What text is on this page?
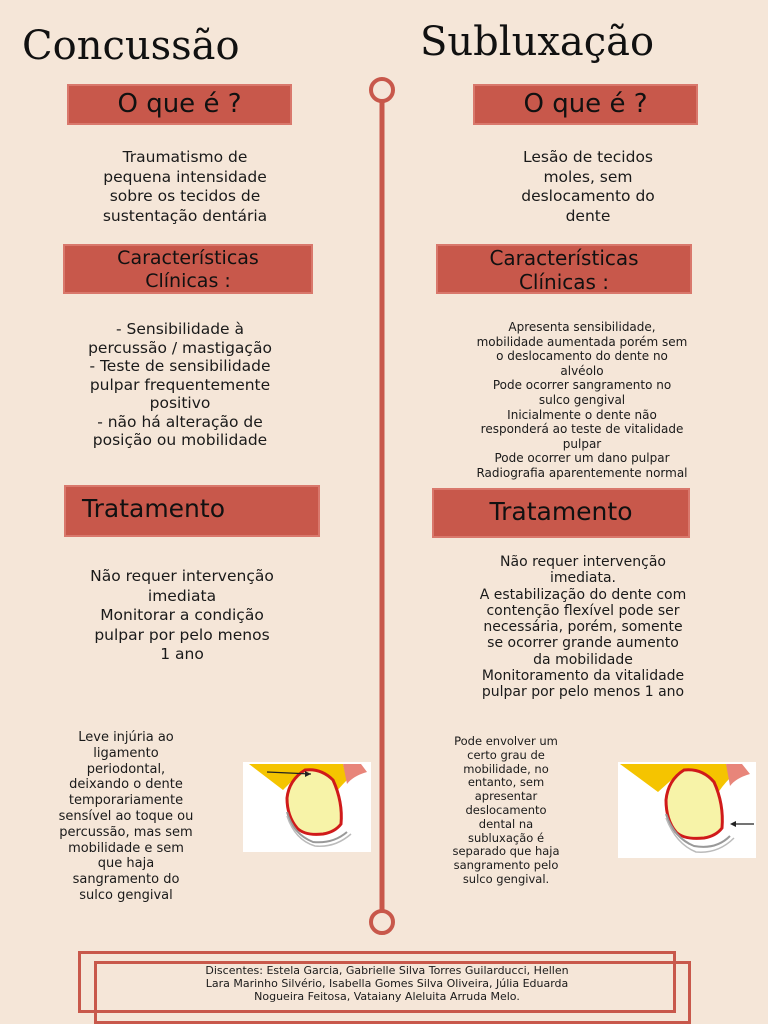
Concussão
O que é ?
Traumatismo de
pequena intensidade
sobre os tecidos de
sustentação dentária
Características
Clínicas :
- Sensibilidade à
percussão / mastigação
- Teste de sensibilidade
pulpar frequentemente
positivo
- não há alteração de
posição ou mobilidade
Tratamento
Não requer intervenção
imediata
Monitorar a condição
pulpar por pelo menos
1 ano
Leve injúria ao
ligamento
periodontal,
deixando o dente
temporariamente
sensível ao toque ou
percussão, mas sem
mobilidade e sem
que haja
sangramento do
sulco gengival
Subluxação
O que é ?
Lesão de tecidos
moles, sem
deslocamento do
dente
Características
Clínicas :
Apresenta sensibilidade,
mobilidade aumentada porém sem
o deslocamento do dente no
alvéolo
Pode ocorrer sangramento no
sulco gengival
Inicialmente o dente não
responderá ao teste de vitalidade
pulpar
Pode ocorrer um dano pulpar
Radiografia aparentemente normal
Tratamento
Não requer intervenção
imediata.
A estabilização do dente com
contenção flexível pode ser
necessária, porém, somente
se ocorrer grande aumento
da mobilidade
Monitoramento da vitalidade
pulpar por pelo menos 1 ano
Pode envolver um
certo grau de
mobilidade, no
entanto, sem
apresentar
deslocamento
dental na
subluxação é
separado que haja
sangramento pelo
sulco gengival.
Discentes: Estela Garcia, Gabrielle Silva Torres Guilarducci, Hellen
Lara Marinho Silvério, Isabella Gomes Silva Oliveira, Júlia Eduarda
Nogueira Feitosa, Vataiany Aleluita Arruda Melo.
